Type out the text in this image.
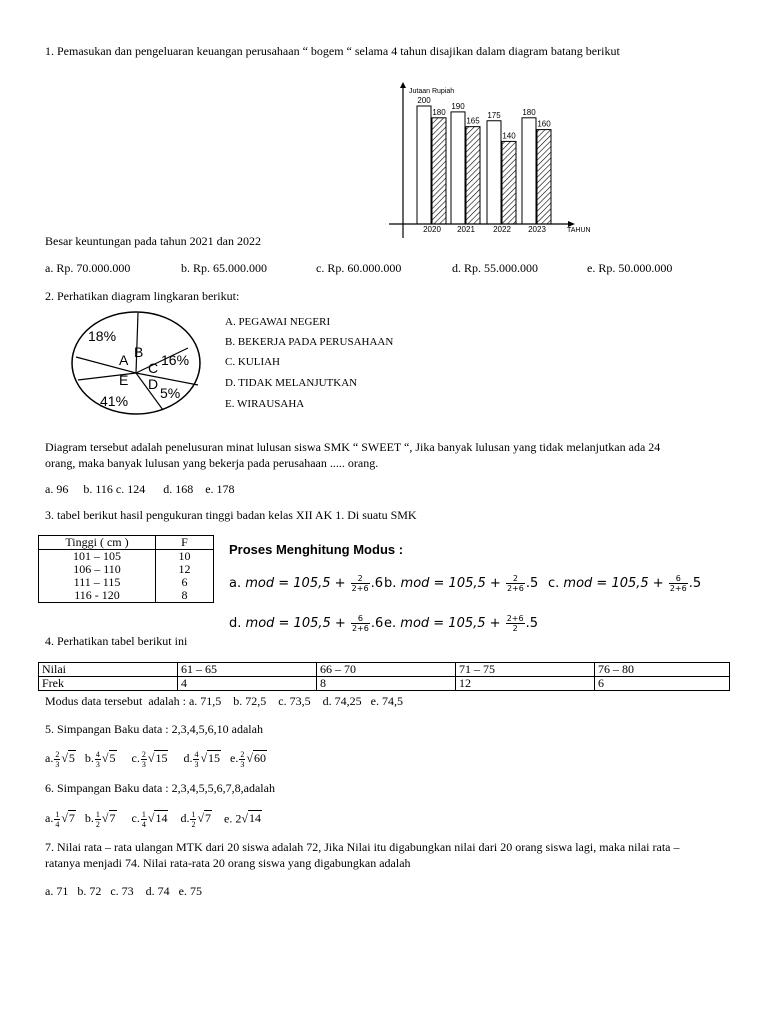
1. Pemasukan dan pengeluaran keuangan perusahaan “ bogem “ selama 4 tahun disajikan dalam diagram batang berikut
200
180
2020
190
165
2021
175
140
2022
180
160
2023
Jutaan Rupiah
TAHUN
Besar keuntungan pada tahun 2021 dan 2022
a. Rp. 70.000.000	b. Rp. 65.000.000	c. Rp. 60.000.000	d. Rp. 55.000.000	e. Rp. 50.000.000
2. Perhatikan diagram lingkaran berikut:
18%
A B
C 16%
D
5%
E
41%
A. PEGAWAI NEGERI
B. BEKERJA PADA PERUSAHAAN
C. KULIAH
D. TIDAK MELANJUTKAN
E. WIRAUSAHA
Diagram tersebut adalah penelusuran minat lulusan siswa SMK “ SWEET “, Jika banyak lulusan yang tidak melanjutkan ada 24
orang, maka banyak lulusan yang bekerja pada perusahaan ..... orang.
a. 96     b. 116 c. 124      d. 168    e. 178
3. tabel berikut hasil pengukuran tinggi badan kelas XII AK 1. Di suatu SMK
Tinggi ( cm )	F
101 – 105	10
106 – 110	12
111 – 115	6
116 - 120	8
Proses Menghitung Modus :
a. mod = $105,5 + \frac{2}{2+6} .6$ b. mod = $105,5 + \frac{2}{2+6} .5$ c. mod = $105,5 + \frac{6}{2+6} .5$
d. mod = $105,5 + \frac{6}{2+6} .6$ e. mod = $105,5 + \frac{2+6}{2} .5$
4. Perhatikan tabel berikut ini
Nilai	61 – 65	66 – 70	71 – 75	76 – 80
Frek	4	8	12	6
Modus data tersebut  adalah : a. 71,5    b. 72,5    c. 73,5    d. 74,25   e. 74,5
5. Simpangan Baku data : 2,3,4,5,6,10 adalah
a. $\frac{2}{3} √5$ b. $\frac{4}{3} √5$ c. $\frac{2}{3} √15$ d. $\frac{4}{3} √15$ e. $\frac{2}{3} √60$
6. Simpangan Baku data : 2,3,4,5,5,6,7,8,adalah
a. $\frac{1}{4} √7$ b. $\frac{1}{2} √7$ c. $\frac{1}{4} √14$ d. $\frac{1}{2} √7$ e. 2√14
7. Nilai rata – rata ulangan MTK dari 20 siswa adalah 72, Jika Nilai itu digabungkan nilai dari 20 orang siswa lagi, maka nilai rata –
ratanya menjadi 74. Nilai rata-rata 20 orang siswa yang digabungkan adalah
a. 71   b. 72   c. 73    d. 74   e. 75
